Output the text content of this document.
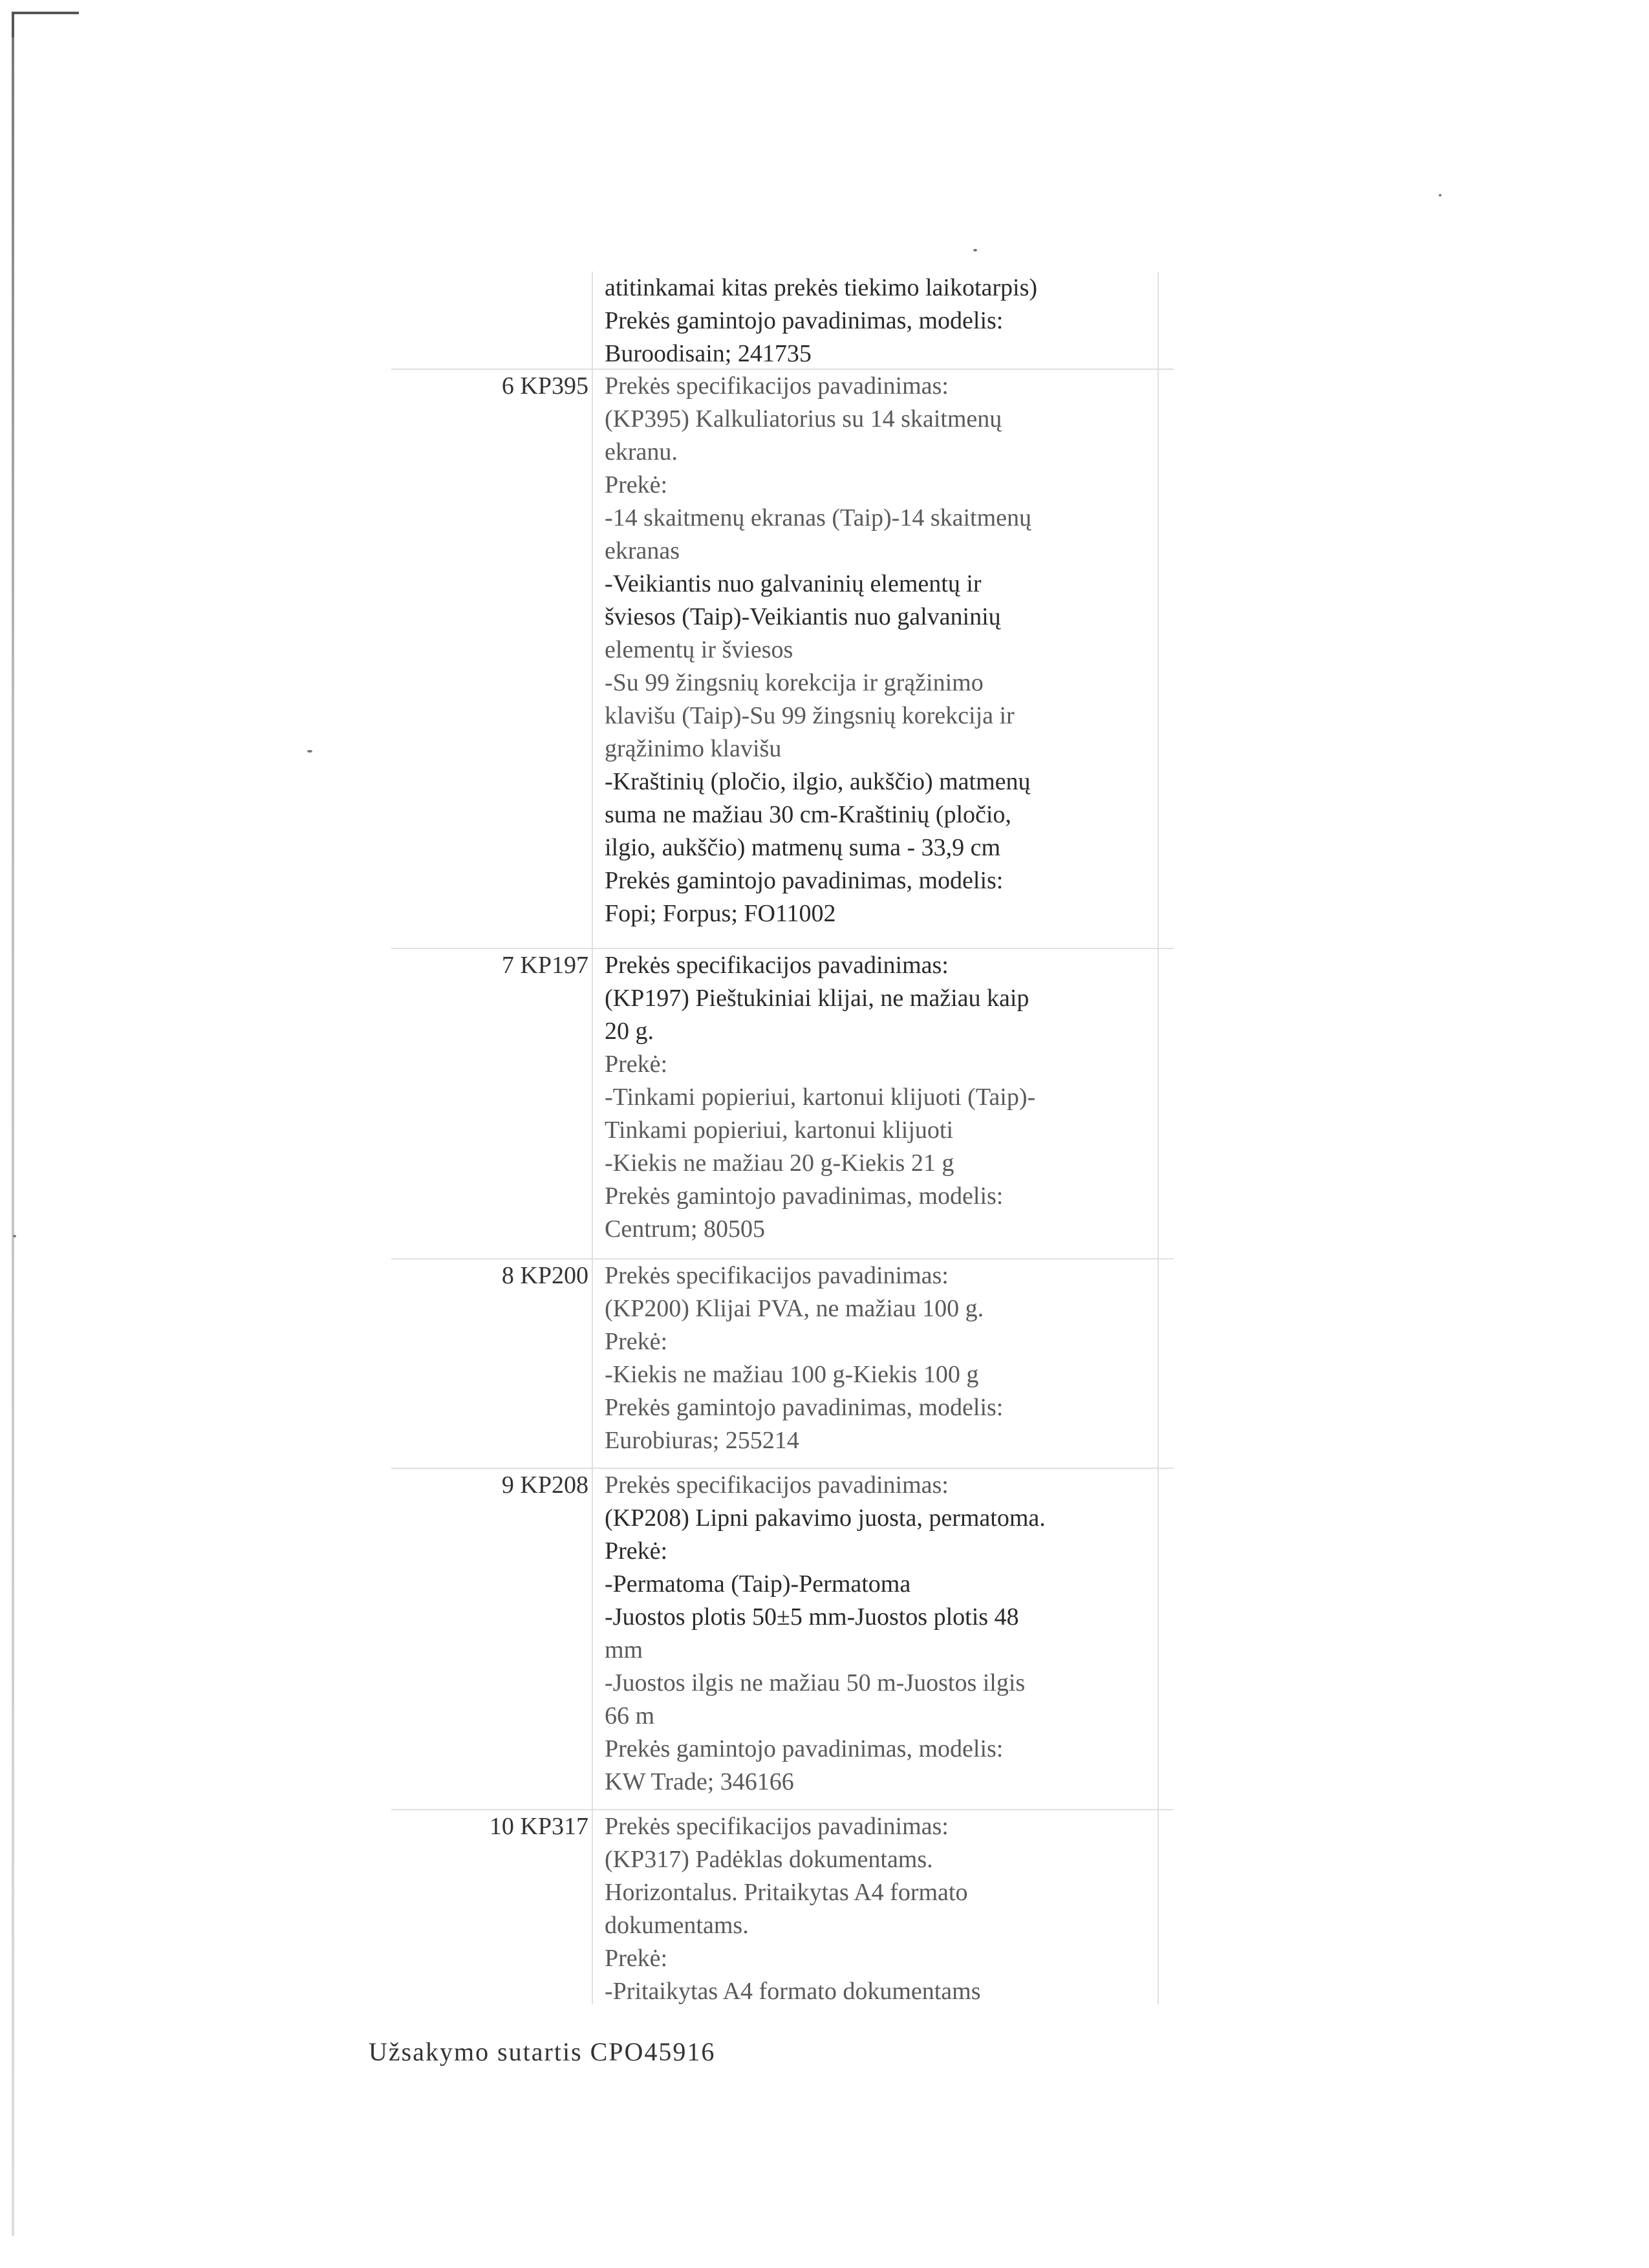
atitinkamai kitas prekės tiekimo laikotarpis)
Prekės gamintojo pavadinimas, modelis:
Buroodisain; 241735
6 KP395 Prekės specifikacijos pavadinimas:
(KP395) Kalkuliatorius su 14 skaitmenų
ekranu.
Prekė:
-14 skaitmenų ekranas (Taip)-14 skaitmenų
ekranas
-Veikiantis nuo galvaninių elementų ir
šviesos (Taip)-Veikiantis nuo galvaninių
elementų ir šviesos
-Su 99 žingsnių korekcija ir grąžinimo
klavišu (Taip)-Su 99 žingsnių korekcija ir
grąžinimo klavišu
-Kraštinių (pločio, ilgio, aukščio) matmenų
suma ne mažiau 30 cm-Kraštinių (pločio,
ilgio, aukščio) matmenų suma - 33,9 cm
Prekės gamintojo pavadinimas, modelis:
Fopi; Forpus; FO11002
7 KP197 Prekės specifikacijos pavadinimas:
(KP197) Pieštukiniai klijai, ne mažiau kaip
20 g.
Prekė:
-Tinkami popieriui, kartonui klijuoti (Taip)-
Tinkami popieriui, kartonui klijuoti
-Kiekis ne mažiau 20 g-Kiekis 21 g
Prekės gamintojo pavadinimas, modelis:
Centrum; 80505
8 KP200 Prekės specifikacijos pavadinimas:
(KP200) Klijai PVA, ne mažiau 100 g.
Prekė:
-Kiekis ne mažiau 100 g-Kiekis 100 g
Prekės gamintojo pavadinimas, modelis:
Eurobiuras; 255214
9 KP208 Prekės specifikacijos pavadinimas:
(KP208) Lipni pakavimo juosta, permatoma.
Prekė:
-Permatoma (Taip)-Permatoma
-Juostos plotis 50±5 mm-Juostos plotis 48
mm
-Juostos ilgis ne mažiau 50 m-Juostos ilgis
66 m
Prekės gamintojo pavadinimas, modelis:
KW Trade; 346166
10 KP317 Prekės specifikacijos pavadinimas:
(KP317) Padėklas dokumentams.
Horizontalus. Pritaikytas A4 formato
dokumentams.
Prekė:
-Pritaikytas A4 formato dokumentams
Užsakymo sutartis CPO45916
